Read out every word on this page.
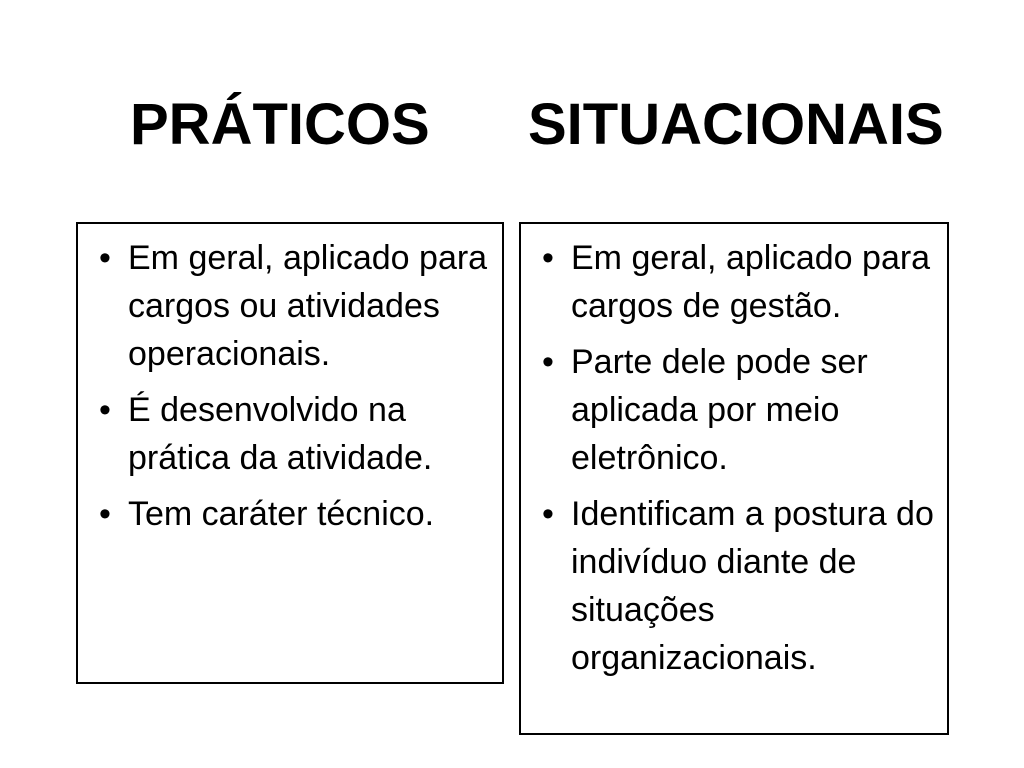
PRÁTICOS SITUACIONAIS
• Em geral, aplicado para cargos ou atividades operacionais.
• É desenvolvido na prática da atividade.
• Tem caráter técnico.
• Em geral, aplicado para cargos de gestão.
• Parte dele pode ser aplicada por meio eletrônico.
• Identificam a postura do indivíduo diante de situações organizacionais.
